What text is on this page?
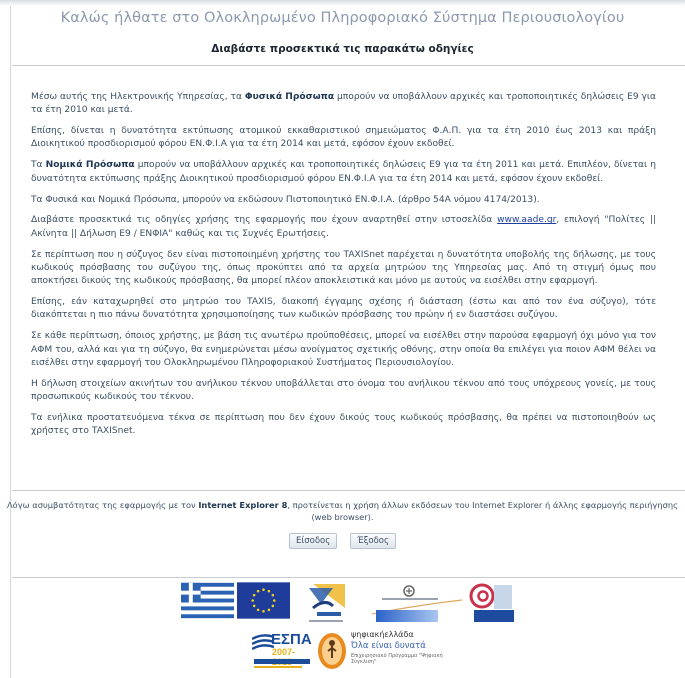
Καλώς ήλθατε στο Ολοκληρωμένο Πληροφοριακό Σύστημα Περιουσιολογίου
Διαβάστε προσεκτικά τις παρακάτω οδηγίες

Μέσω αυτής της Ηλεκτρονικής Υπηρεσίας, τα Φυσικά Πρόσωπα μπορούν να υποβάλλουν αρχικές και τροποποιητικές δηλώσεις Ε9 για τα έτη 2010 και μετά.

Επίσης, δίνεται η δυνατότητα εκτύπωσης ατομικού εκκαθαριστικού σημειώματος Φ.Α.Π. για τα έτη 2010 έως 2013 και πράξη Διοικητικού προσδιορισμού φόρου ΕΝ.Φ.Ι.Α για τα έτη 2014 και μετά, εφόσον έχουν εκδοθεί.

Τα Νομικά Πρόσωπα μπορούν να υποβάλλουν αρχικές και τροποποιητικές δηλώσεις Ε9 για τα έτη 2011 και μετά. Επιπλέον, δίνεται η δυνατότητα εκτύπωσης πράξης Διοικητικού προσδιορισμού φόρου ΕΝ.Φ.Ι.Α για τα έτη 2014 και μετά, εφόσον έχουν εκδοθεί.

Τα Φυσικά και Νομικά Πρόσωπα, μπορούν να εκδώσουν Πιστοποιητικό ΕΝ.Φ.Ι.Α. (άρθρο 54Α νόμου 4174/2013).

Διαβάστε προσεκτικά τις οδηγίες χρήσης της εφαρμογής που έχουν αναρτηθεί στην ιστοσελίδα www.aade.gr, επιλογή "Πολίτες || Ακίνητα || Δήλωση Ε9 / ΕΝΦΙΑ" καθώς και τις Συχνές Ερωτήσεις.

Σε περίπτωση που η σύζυγος δεν είναι πιστοποιημένη χρήστης του TAXISnet παρέχεται η δυνατότητα υποβολής της δήλωσης, με τους κωδικούς πρόσβασης του συζύγου της, όπως προκύπτει από τα αρχεία μητρώου της Υπηρεσίας μας. Από τη στιγμή όμως που αποκτήσει δικούς της κωδικούς πρόσβασης, θα μπορεί πλέον αποκλειστικά και μόνο με αυτούς να εισέλθει στην εφαρμογή.

Επίσης, εάν καταχωρηθεί στο μητρώο του TAXIS, διακοπή έγγαμης σχέσης ή διάσταση (έστω και από τον ένα σύζυγο), τότε διακόπτεται η πιο πάνω δυνατότητα χρησιμοποίησης των κωδικών πρόσβασης του πρώην ή εν διαστάσει συζύγου.

Σε κάθε περίπτωση, όποιος χρήστης, με βάση τις ανωτέρω προϋποθέσεις, μπορεί να εισέλθει στην παρούσα εφαρμογή όχι μόνο για τον ΑΦΜ του, αλλά και για τη σύζυγο, θα ενημερώνεται μέσω ανοίγματος σχετικής οθόνης, στην οποία θα επιλέγει για ποιον ΑΦΜ θέλει να εισέλθει στην εφαρμογή του Ολοκληρωμένου Πληροφοριακού Συστήματος Περιουσιολογίου.

Η δήλωση στοιχείων ακινήτων του ανήλικου τέκνου υποβάλλεται στο όνομα του ανήλικου τέκνου από τους υπόχρεους γονείς, με τους προσωπικούς κωδικούς του τέκνου.

Τα ενήλικα προστατευόμενα τέκνα σε περίπτωση που δεν έχουν δικούς τους κωδικούς πρόσβασης, θα πρέπει να πιστοποιηθούν ως χρήστες στο TAXISnet.

Λόγω ασυμβατότητας της εφαρμογής με τον Internet Explorer 8, προτείνεται η χρήση άλλων εκδόσεων του Internet Explorer ή άλλης εφαρμογής περιήγησης (web browser).
Είσοδος	Έξοδος
ΕΣΠΑ
2007-
ψηφιακήελλάδα
Όλα είναι δυνατά
Επιχειρησιακό Πρόγραμμα "Ψηφιακή Σύγκλιση"
